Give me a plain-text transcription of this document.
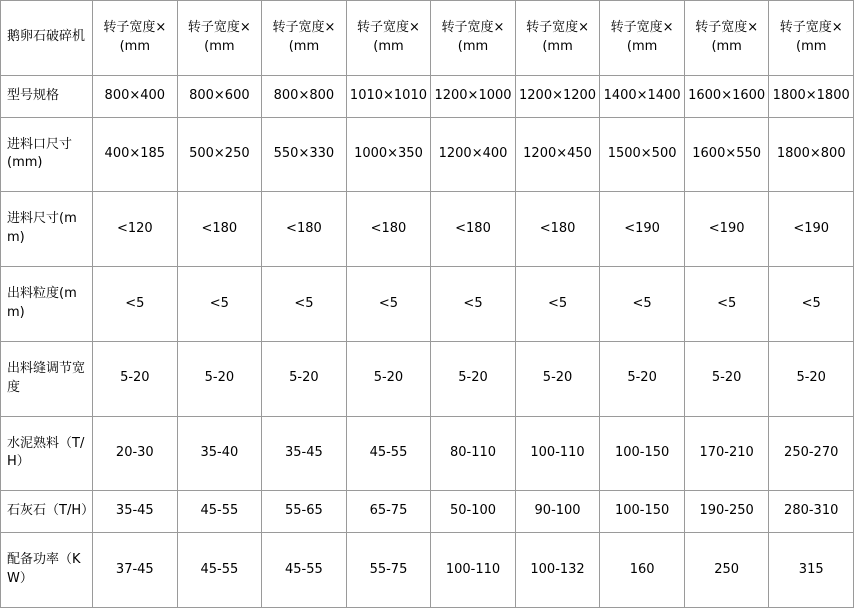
鹅卵石破碎机	转子宽度×(mm	转子宽度×(mm	转子宽度×(mm	转子宽度×(mm	转子宽度×(mm	转子宽度×(mm	转子宽度×(mm	转子宽度×(mm	转子宽度×(mm
型号规格	800×400	800×600	800×800	1010×1010	1200×1000	1200×1200	1400×1400	1600×1600	1800×1800
进料口尺寸(mm)	400×185	500×250	550×330	1000×350	1200×400	1200×450	1500×500	1600×550	1800×800
进料尺寸(mm)	<120	<180	<180	<180	<180	<180	<190	<190	<190
出料粒度(mm)	<5	<5	<5	<5	<5	<5	<5	<5	<5
出料缝调节宽度	5-20	5-20	5-20	5-20	5-20	5-20	5-20	5-20	5-20
水泥熟料（T/H）	20-30	35-40	35-45	45-55	80-110	100-110	100-150	170-210	250-270
石灰石（T/H）	35-45	45-55	55-65	65-75	50-100	90-100	100-150	190-250	280-310
配备功率（KW）	37-45	45-55	45-55	55-75	100-110	100-132	160	250	315
